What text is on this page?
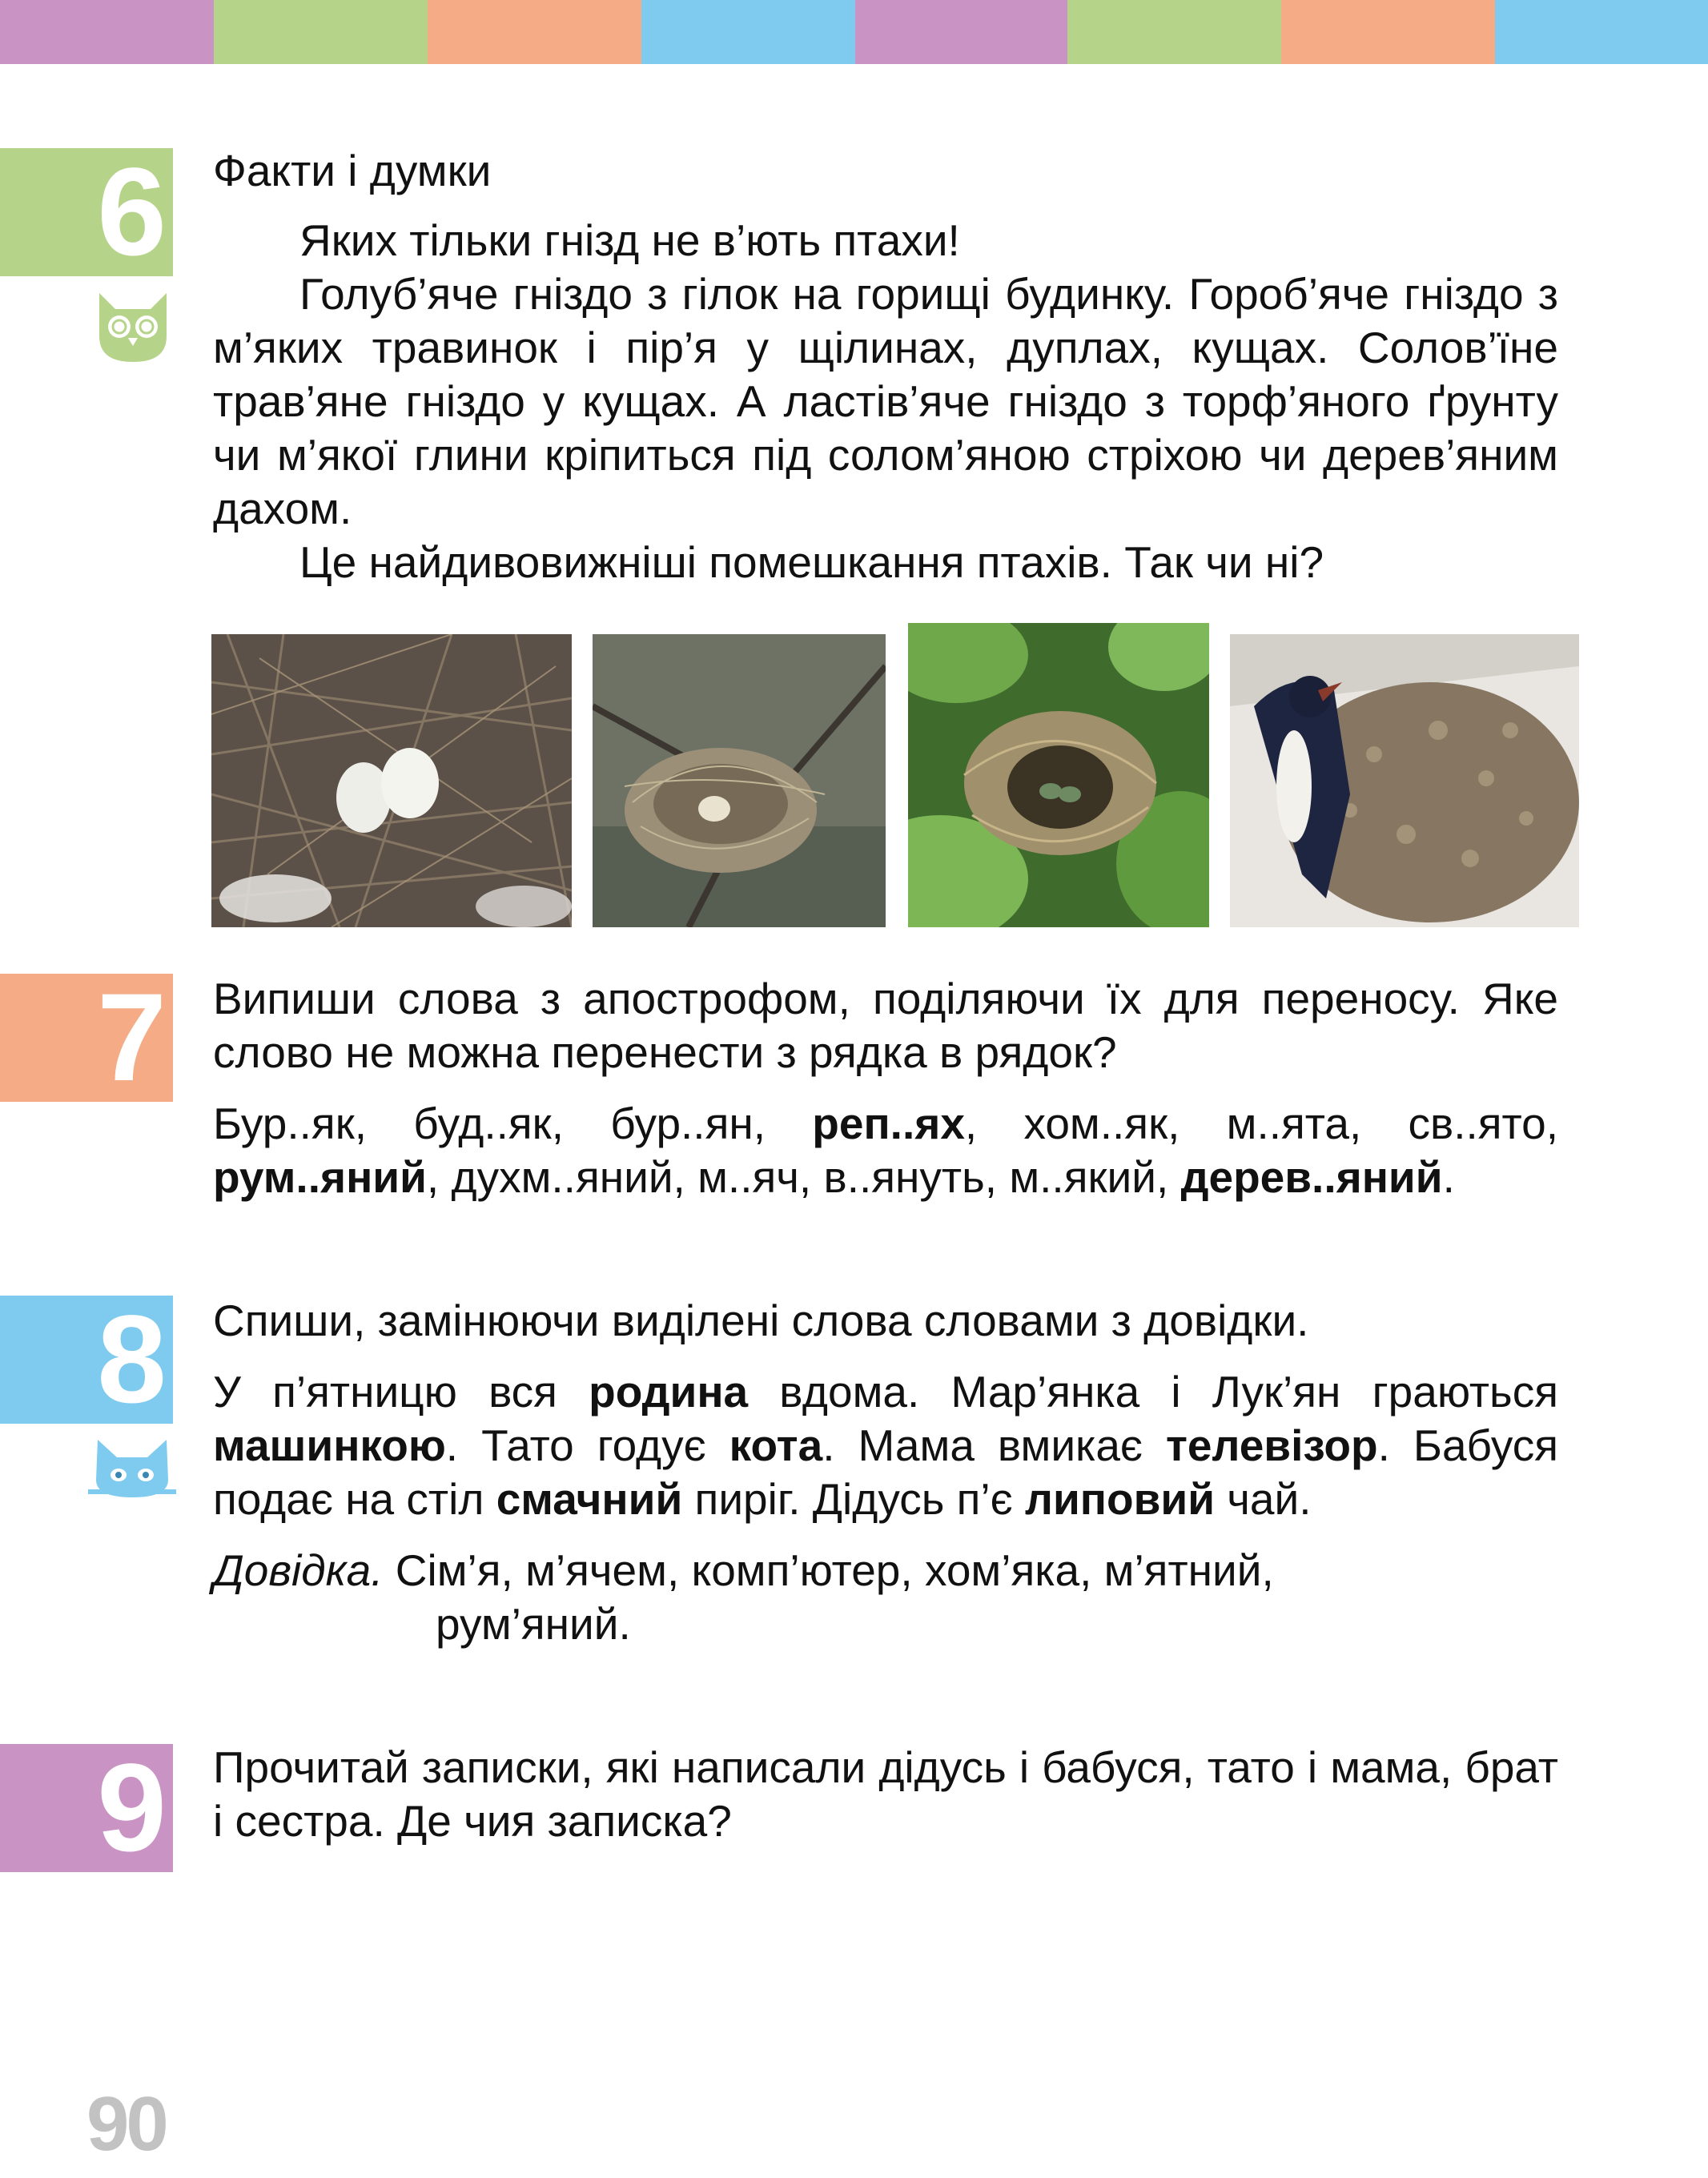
6 Факти і думки

Яких тільки гнізд не в’ють птахи!

Голуб’яче гніздо з гілок на горищі будинку. Гороб’яче гніздо з м’яких травинок і пір’я у щілинах, дуплах, кущах. Солов’їне трав’яне гніздо у кущах. А ластів’яче гніздо з торф’яного ґрунту чи м’якої глини кріпиться під солом’яною стріхою чи дерев’яним дахом.

Це найдивовижніші помешкання птахів. Так чи ні?

7 Випиши слова з апострофом, поділяючи їх для переносу. Яке слово не можна перенести з рядка в рядок?

Бур..як, буд..як, бур..ян, реп..ях, хом..як, м..ята, св..ято, рум..яний, духм..яний, м..яч, в..януть, м..який, дерев..яний.

8 Спиши, замінюючи виділені слова словами з довідки.

У п’ятницю вся родина вдома. Мар’янка і Лук’ян граються машинкою. Тато годує кота. Мама вмикає телевізор. Бабуся подає на стіл смачний пиріг. Дідусь п’є липовий чай.

Довідка. Сім’я, м’ячем, комп’ютер, хом’яка, м’ятний,

рум’яний.

9 Прочитай записки, які написали дідусь і бабуся, тато і мама, брат і сестра. Де чия записка?

90
